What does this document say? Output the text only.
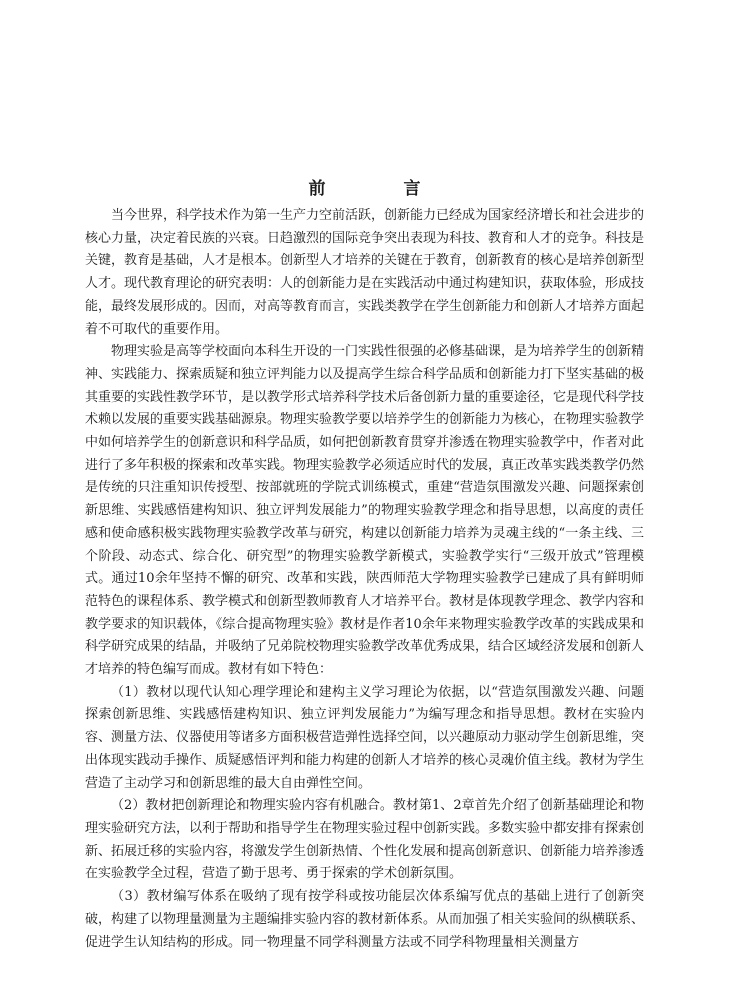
前 言

当今世界，科学技术作为第一生产力空前活跃，创新能力已经成为国家经济增长和社会进步的核心力量，决定着民族的兴衰。日趋激烈的国际竞争突出表现为科技、教育和人才的竞争。科技是关键，教育是基础，人才是根本。创新型人才培养的关键在于教育，创新教育的核心是培养创新型人才。现代教育理论的研究表明：人的创新能力是在实践活动中通过构建知识，获取体验，形成技能，最终发展形成的。因而，对高等教育而言，实践类教学在学生创新能力和创新人才培养方面起着不可取代的重要作用。

物理实验是高等学校面向本科生开设的一门实践性很强的必修基础课，是为培养学生的创新精神、实践能力、探索质疑和独立评判能力以及提高学生综合科学品质和创新能力打下坚实基础的极其重要的实践性教学环节，是以教学形式培养科学技术后备创新力量的重要途径，它是现代科学技术赖以发展的重要实践基础源泉。物理实验教学要以培养学生的创新能力为核心，在物理实验教学中如何培养学生的创新意识和科学品质，如何把创新教育贯穿并渗透在物理实验教学中，作者对此进行了多年积极的探索和改革实践。物理实验教学必须适应时代的发展，真正改革实践类教学仍然是传统的只注重知识传授型、按部就班的学院式训练模式，重建“营造氛围激发兴趣、问题探索创新思维、实践感悟建构知识、独立评判发展能力”的物理实验教学理念和指导思想，以高度的责任感和使命感积极实践物理实验教学改革与研究，构建以创新能力培养为灵魂主线的“一条主线、三个阶段、动态式、综合化、研究型”的物理实验教学新模式，实验教学实行“三级开放式”管理模式。通过10余年坚持不懈的研究、改革和实践，陕西师范大学物理实验教学已建成了具有鲜明师范特色的课程体系、教学模式和创新型教师教育人才培养平台。教材是体现教学理念、教学内容和教学要求的知识载体，《综合提高物理实验》教材是作者10余年来物理实验教学改革的实践成果和科学研究成果的结晶，并吸纳了兄弟院校物理实验教学改革优秀成果，结合区域经济发展和创新人才培养的特色编写而成。教材有如下特色：

（1）教材以现代认知心理学理论和建构主义学习理论为依据，以“营造氛围激发兴趣、问题探索创新思维、实践感悟建构知识、独立评判发展能力”为编写理念和指导思想。教材在实验内容、测量方法、仪器使用等诸多方面积极营造弹性选择空间，以兴趣原动力驱动学生创新思维，突出体现实践动手操作、质疑感悟评判和能力构建的创新人才培养的核心灵魂价值主线。教材为学生营造了主动学习和创新思维的最大自由弹性空间。

（2）教材把创新理论和物理实验内容有机融合。教材第1、2章首先介绍了创新基础理论和物理实验研究方法，以利于帮助和指导学生在物理实验过程中创新实践。多数实验中都安排有探索创新、拓展迁移的实验内容，将激发学生创新热情、个性化发展和提高创新意识、创新能力培养渗透在实验教学全过程，营造了勤于思考、勇于探索的学术创新氛围。

（3）教材编写体系在吸纳了现有按学科或按功能层次体系编写优点的基础上进行了创新突破，构建了以物理量测量为主题编排实验内容的教材新体系。从而加强了相关实验间的纵横联系、促进学生认知结构的形成。同一物理量不同学科测量方法或不同学科物理量相关测量方
